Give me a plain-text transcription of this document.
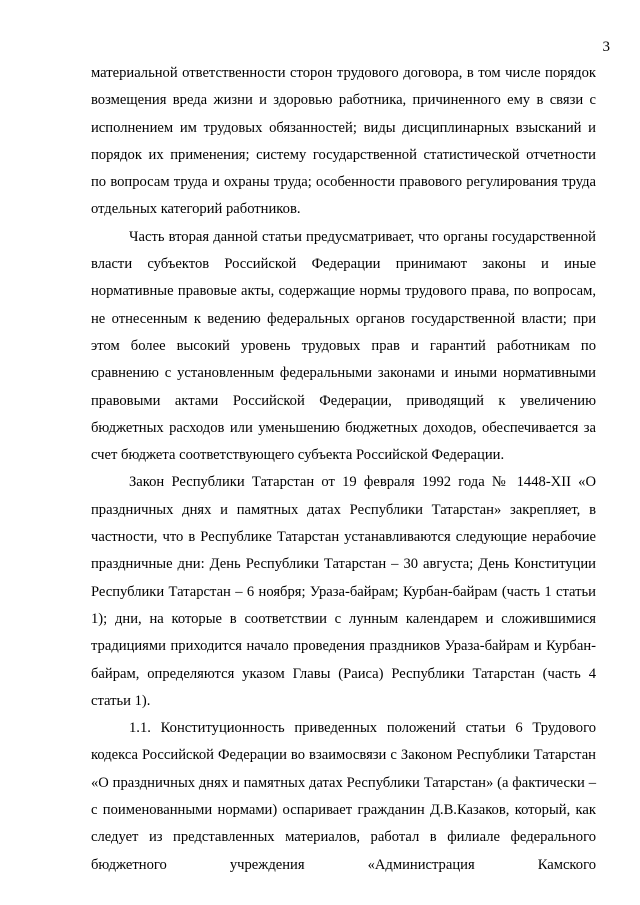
3

материальной ответственности сторон трудового договора, в том числе порядок возмещения вреда жизни и здоровью работника, причиненного ему в связи с исполнением им трудовых обязанностей; виды дисциплинарных взысканий и порядок их применения; систему государственной статистической отчетности по вопросам труда и охраны труда; особенности правового регулирования труда отдельных категорий работников.

Часть вторая данной статьи предусматривает, что органы государственной власти субъектов Российской Федерации принимают законы и иные нормативные правовые акты, содержащие нормы трудового права, по вопросам, не отнесенным к ведению федеральных органов государственной власти; при этом более высокий уровень трудовых прав и гарантий работникам по сравнению с установленным федеральными законами и иными нормативными правовыми актами Российской Федерации, приводящий к увеличению бюджетных расходов или уменьшению бюджетных доходов, обеспечивается за счет бюджета соответствующего субъекта Российской Федерации.

Закон Республики Татарстан от 19 февраля 1992 года № 1448-XII «О праздничных днях и памятных датах Республики Татарстан» закрепляет, в частности, что в Республике Татарстан устанавливаются следующие нерабочие праздничные дни: День Республики Татарстан – 30 августа; День Конституции Республики Татарстан – 6 ноября; Ураза-байрам; Курбан-байрам (часть 1 статьи 1); дни, на которые в соответствии с лунным календарем и сложившимися традициями приходится начало проведения праздников Ураза-байрам и Курбан-байрам, определяются указом Главы (Раиса) Республики Татарстан (часть 4 статьи 1).

1.1. Конституционность приведенных положений статьи 6 Трудового кодекса Российской Федерации во взаимосвязи с Законом Республики Татарстан «О праздничных днях и памятных датах Республики Татарстан» (а фактически – с поименованными нормами) оспаривает гражданин Д.В.Казаков, который, как следует из представленных материалов, работал в филиале федерального бюджетного учреждения «Администрация Камского
